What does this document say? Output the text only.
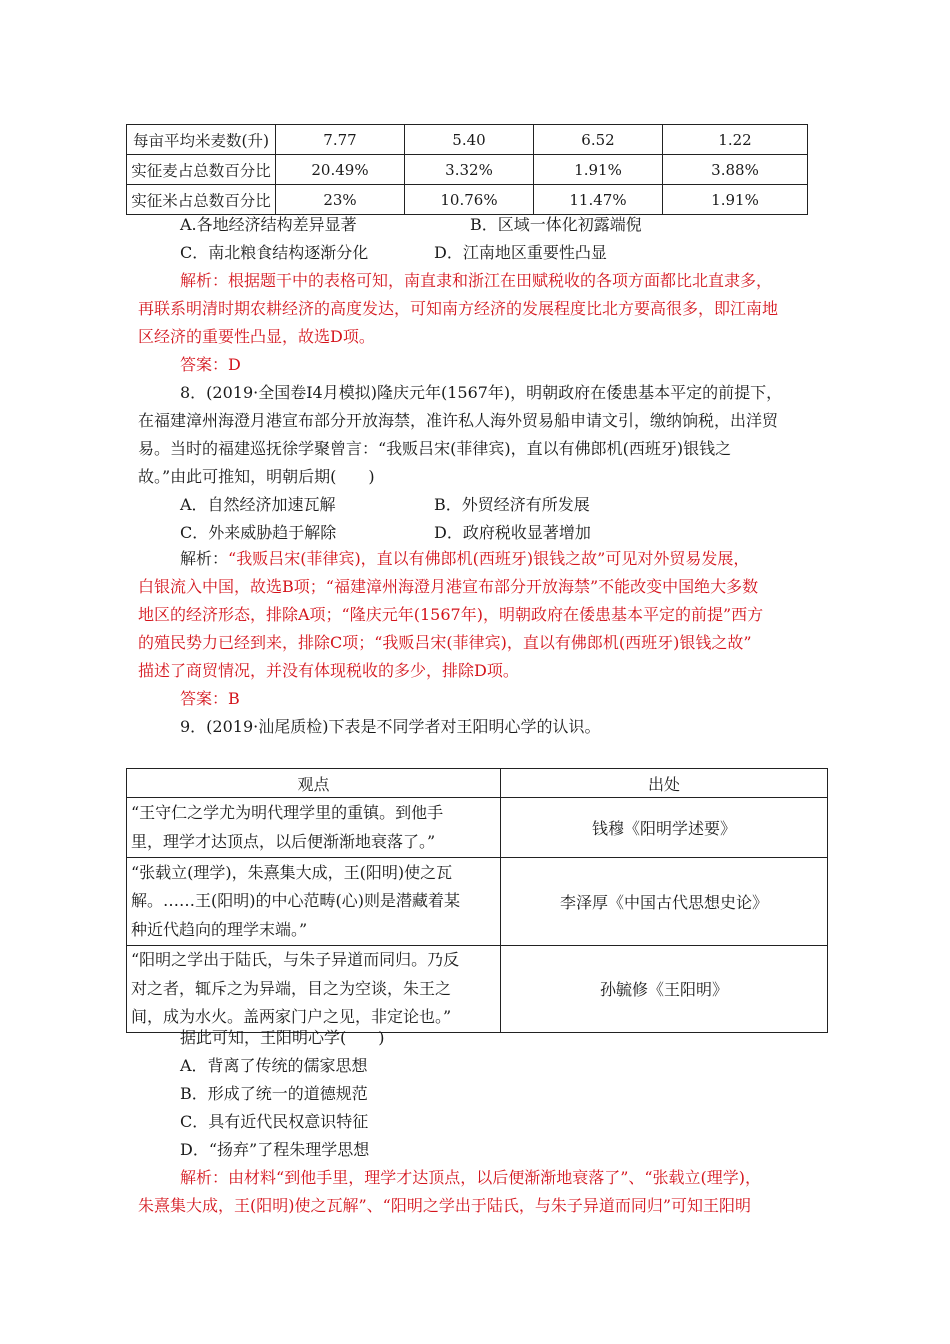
每亩平均米麦数(升)	7.77	5.40	6.52	1.22
实征麦占总数百分比	20.49%	3.32%	1.91%	3.88%
实征米占总数百分比	23%	10.76%	11.47%	1.91%
A.各地经济结构差异显著	B．区域一体化初露端倪
C．南北粮食结构逐渐分化	D．江南地区重要性凸显
解析：根据题干中的表格可知，南直隶和浙江在田赋税收的各项方面都比北直隶多，
再联系明清时期农耕经济的高度发达，可知南方经济的发展程度比北方要高很多，即江南地
区经济的重要性凸显，故选D项。
答案：D
8．(2019·全国卷Ⅰ4月模拟)隆庆元年(1567年)，明朝政府在倭患基本平定的前提下，
在福建漳州海澄月港宣布部分开放海禁，准许私人海外贸易船申请文引，缴纳饷税，出洋贸
易。当时的福建巡抚徐学聚曾言：“我贩吕宋(菲律宾)，直以有佛郎机(西班牙)银钱之
故。”由此可推知，明朝后期(　　)
A．自然经济加速瓦解	B．外贸经济有所发展
C．外来威胁趋于解除	D．政府税收显著增加
解析：“我贩吕宋(菲律宾)，直以有佛郎机(西班牙)银钱之故”可见对外贸易发展，
白银流入中国，故选B项；“福建漳州海澄月港宣布部分开放海禁”不能改变中国绝大多数
地区的经济形态，排除A项；“隆庆元年(1567年)，明朝政府在倭患基本平定的前提”西方
的殖民势力已经到来，排除C项；“我贩吕宋(菲律宾)，直以有佛郎机(西班牙)银钱之故”
描述了商贸情况，并没有体现税收的多少，排除D项。
答案：B
9．(2019·汕尾质检)下表是不同学者对王阳明心学的认识。
观点	出处

“王守仁之学尤为明代理学里的重镇。到他手
里，理学才达顶点，以后便渐渐地衰落了。”	钱穆《阳明学述要》

“张载立(理学)，朱熹集大成，王(阳明)使之瓦
解。……王(阳明)的中心范畴(心)则是潜藏着某
种近代趋向的理学末端。”	李泽厚《中国古代思想史论》

“阳明之学出于陆氏，与朱子异道而同归。乃反
对之者，辄斥之为异端，目之为空谈，朱王之
间，成为水火。盖两家门户之见，非定论也。”	孙毓修《王阳明》
据此可知，王阳明心学(　　)
A．背离了传统的儒家思想
B．形成了统一的道德规范
C．具有近代民权意识特征
D．“扬弃”了程朱理学思想
解析：由材料“到他手里，理学才达顶点，以后便渐渐地衰落了”、“张载立(理学)，
朱熹集大成，王(阳明)使之瓦解”、“阳明之学出于陆氏，与朱子异道而同归”可知王阳明
